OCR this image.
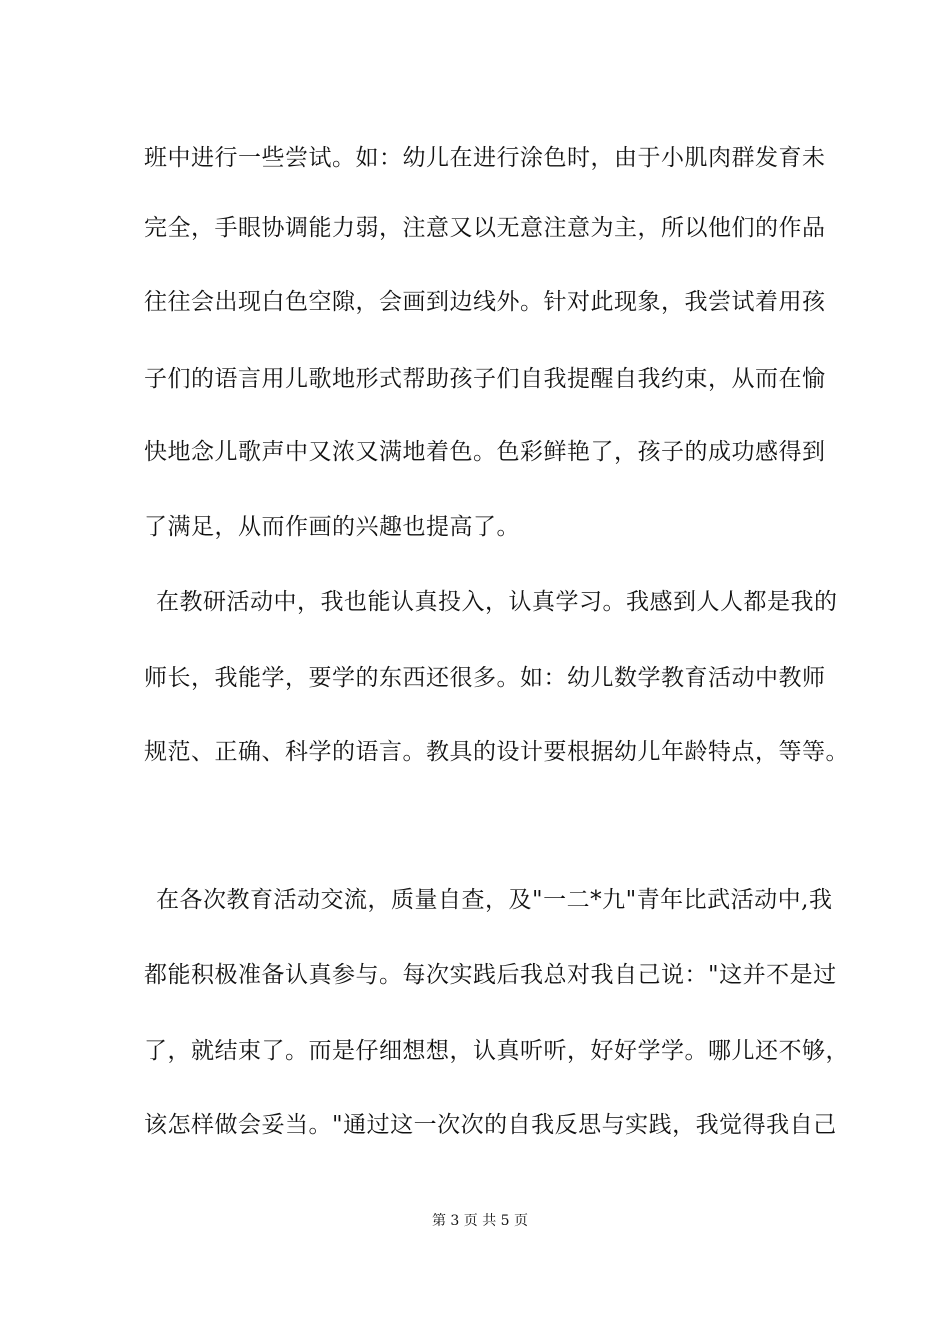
班中进行一些尝试。如：幼儿在进行涂色时，由于小肌肉群发育未
完全，手眼协调能力弱，注意又以无意注意为主，所以他们的作品
往往会出现白色空隙，会画到边线外。针对此现象，我尝试着用孩
子们的语言用儿歌地形式帮助孩子们自我提醒自我约束，从而在愉
快地念儿歌声中又浓又满地着色。色彩鲜艳了，孩子的成功感得到
了满足，从而作画的兴趣也提高了。
在教研活动中，我也能认真投入，认真学习。我感到人人都是我的
师长，我能学，要学的东西还很多。如：幼儿数学教育活动中教师
规范、正确、科学的语言。教具的设计要根据幼儿年龄特点，等等。
在各次教育活动交流，质量自查，及"一二*九"青年比武活动中,我
都能积极准备认真参与。每次实践后我总对我自己说："这并不是过
了，就结束了。而是仔细想想，认真听听，好好学学。哪儿还不够，
该怎样做会妥当。"通过这一次次的自我反思与实践，我觉得我自己
第 3 页 共 5 页
